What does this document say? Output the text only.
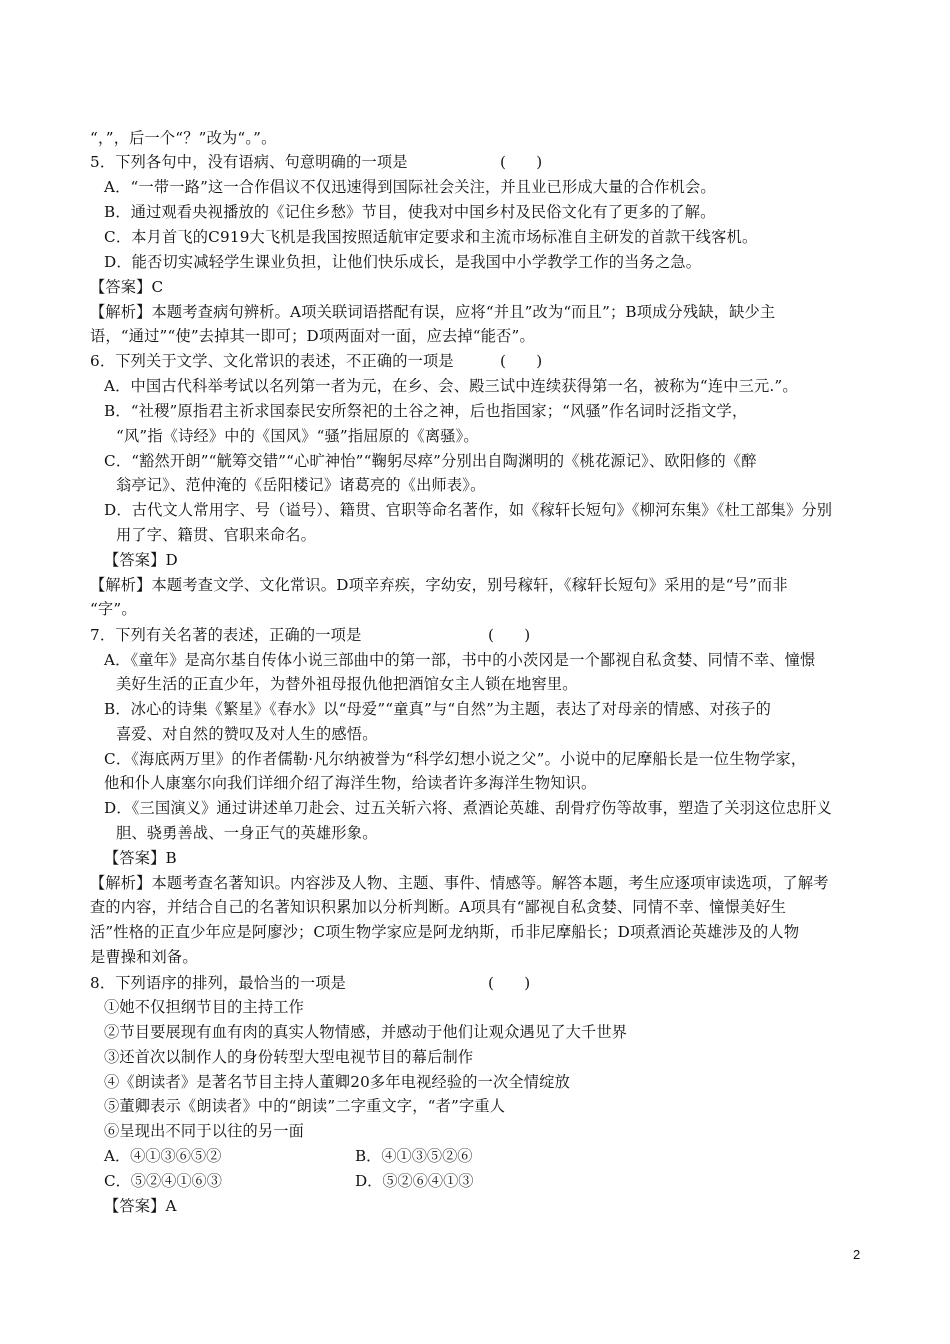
“，”，后一个“？”改为“。”。
5．下列各句中，没有语病、句意明确的一项是	(　　)
A．“一带一路”这一合作倡议不仅迅速得到国际社会关注，并且业已形成大量的合作机会。
B．通过观看央视播放的《记住乡愁》节目，使我对中国乡村及民俗文化有了更多的了解。
C．本月首飞的C919大飞机是我国按照适航审定要求和主流市场标准自主研发的首款干线客机。
D．能否切实减轻学生课业负担，让他们快乐成长，是我国中小学教学工作的当务之急。
【答案】C
【解析】本题考查病句辨析。A项关联词语搭配有误，应将“并且”改为“而且”；B项成分残缺，缺少主
语，“通过”“使”去掉其一即可；D项两面对一面，应去掉“能否”。
6．下列关于文学、文化常识的表述，不正确的一项是	(　　)
A．中国古代科举考试以名列第一者为元，在乡、会、殿三试中连续获得第一名，被称为“连中三元.”。
B．“社稷”原指君主祈求国泰民安所祭祀的土谷之神，后也指国家；“风骚”作名词时泛指文学，
“风”指《诗经》中的《国风》“骚”指屈原的《离骚》。
C．“豁然开朗”“觥筹交错”“心旷神怡”“鞠躬尽瘁”分别出自陶渊明的《桃花源记》、欧阳修的《醉
翁亭记》、范仲淹的《岳阳楼记》诸葛亮的《出师表》。
D．古代文人常用字、号（谥号）、籍贯、官职等命名著作，如《稼轩长短句》《柳河东集》《杜工部集》分别
用了字、籍贯、官职来命名。
【答案】D
【解析】本题考查文学、文化常识。D项辛弃疾，字幼安，别号稼轩，《稼轩长短句》采用的是“号”而非
“字”。
7．下列有关名著的表述，正确的一项是	(　　)
A．《童年》是高尔基自传体小说三部曲中的第一部，书中的小茨冈是一个鄙视自私贪婪、同情不幸、憧憬
美好生活的正直少年，为替外祖母报仇他把酒馆女主人锁在地窖里。
B．冰心的诗集《繁星》《春水》以“母爱”“童真”与“自然”为主题，表达了对母亲的情感、对孩子的
喜爱、对自然的赞叹及对人生的感悟。
C．《海底两万里》的作者儒勒·凡尔纳被誉为“科学幻想小说之父”。小说中的尼摩船长是一位生物学家，
他和仆人康塞尔向我们详细介绍了海洋生物，给读者许多海洋生物知识。
D．《三国演义》通过讲述单刀赴会、过五关斩六将、煮酒论英雄、刮骨疗伤等故事，塑造了关羽这位忠肝义
胆、骁勇善战、一身正气的英雄形象。
【答案】B
【解析】本题考查名著知识。内容涉及人物、主题、事件、情感等。解答本题，考生应逐项审读选项，了解考
查的内容，并结合自己的名著知识积累加以分析判断。A项具有“鄙视自私贪婪、同情不幸、憧憬美好生
活”性格的正直少年应是阿廖沙；C项生物学家应是阿龙纳斯，币非尼摩船长；D项煮酒论英雄涉及的人物
是曹操和刘备。
8．下列语序的排列，最恰当的一项是	(　　)
①她不仅担纲节目的主持工作
②节目要展现有血有肉的真实人物情感，并感动于他们让观众遇见了大千世界
③还首次以制作人的身份转型大型电视节目的幕后制作
④《朗读者》是著名节目主持人董卿20多年电视经验的一次全情绽放
⑤董卿表示《朗读者》中的“朗读”二字重文字，“者”字重人
⑥呈现出不同于以往的另一面
A．④①③⑥⑤②	B．④①③⑤②⑥
C．⑤②④①⑥③	D．⑤②⑥④①③
【答案】A
2
